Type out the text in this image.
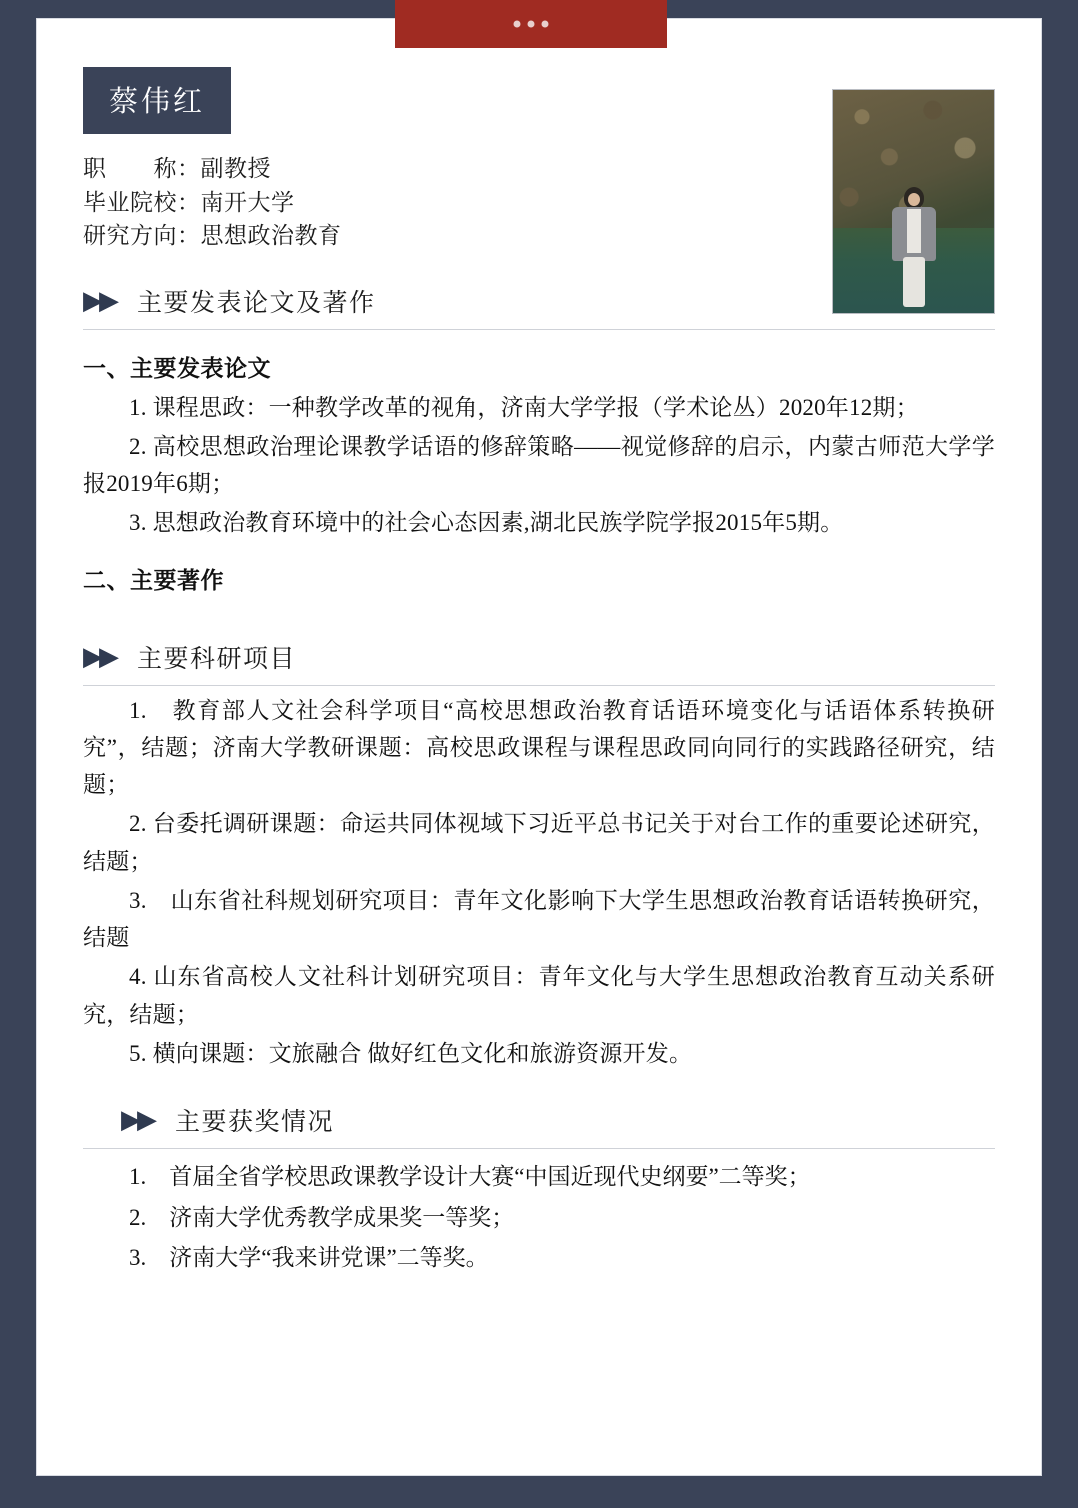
蔡伟红
职　　称：副教授
毕业院校：南开大学
研究方向：思想政治教育
▶▶ 主要发表论文及著作
一、主要发表论文

1. 课程思政：一种教学改革的视角，济南大学学报（学术论丛）2020年12期；

2. 高校思想政治理论课教学话语的修辞策略——视觉修辞的启示，内蒙古师范大学学报2019年6期；

3. 思想政治教育环境中的社会心态因素,湖北民族学院学报2015年5期。

二、主要著作
▶▶ 主要科研项目

1.　教育部人文社会科学项目“高校思想政治教育话语环境变化与话语体系转换研究”，结题；济南大学教研课题：高校思政课程与课程思政同向同行的实践路径研究，结题；

2. 台委托调研课题：命运共同体视域下习近平总书记关于对台工作的重要论述研究，结题；

3.　山东省社科规划研究项目：青年文化影响下大学生思想政治教育话语转换研究，结题

4. 山东省高校人文社科计划研究项目：青年文化与大学生思想政治教育互动关系研究，结题；

5. 横向课题：文旅融合 做好红色文化和旅游资源开发。

▶▶ 主要获奖情况

1.　首届全省学校思政课教学设计大赛“中国近现代史纲要”二等奖；

2.　济南大学优秀教学成果奖一等奖；

3.　济南大学“我来讲党课”二等奖。
